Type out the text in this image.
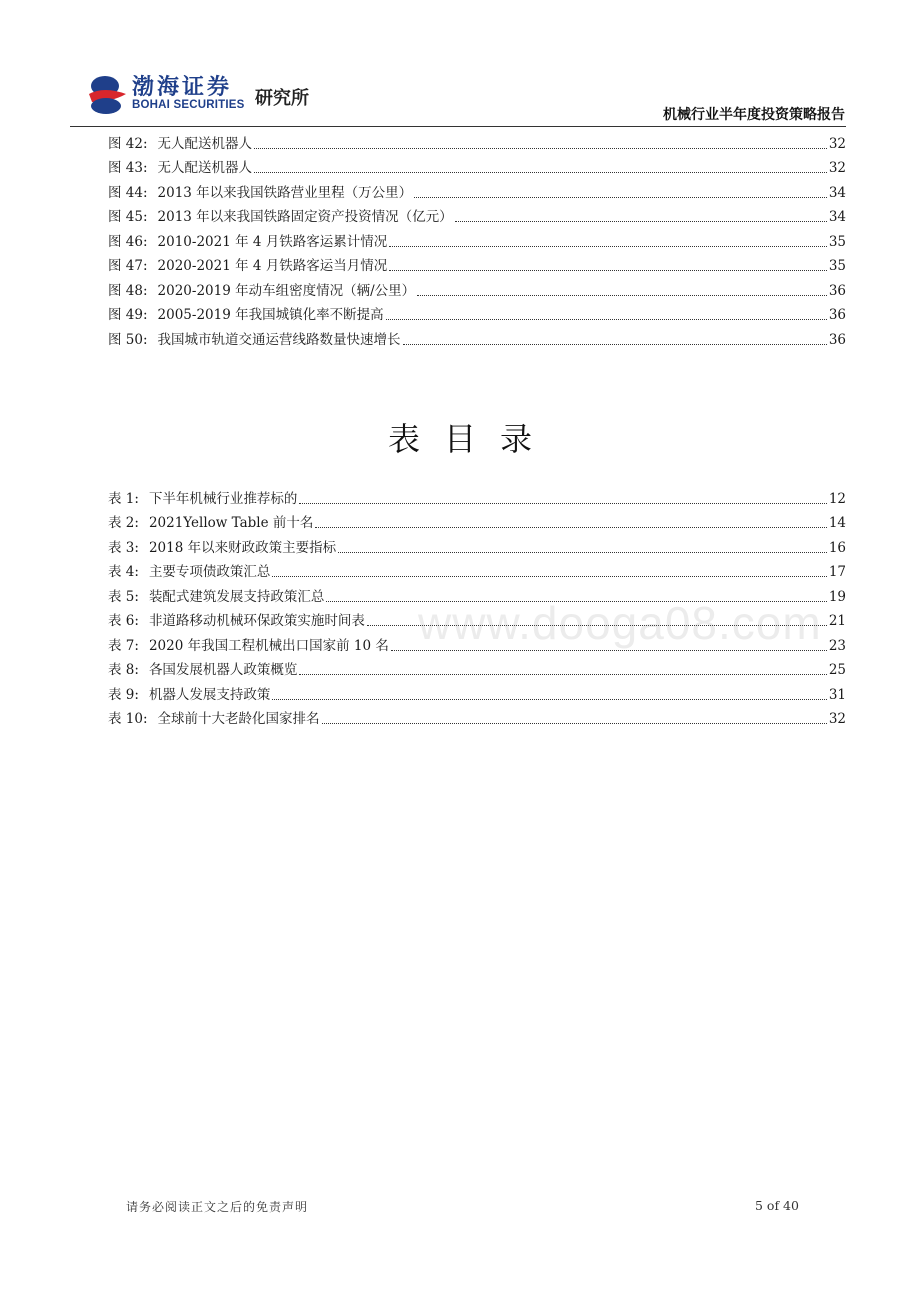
渤海证券
BOHAI SECURITIES 研究所
机械行业半年度投资策略报告
图 42: 无人配送机器人	32
图 43: 无人配送机器人	32
图 44: 2013 年以来我国铁路营业里程（万公里）	34
图 45: 2013 年以来我国铁路固定资产投资情况（亿元）	34
图 46: 2010-2021 年 4 月铁路客运累计情况	35
图 47: 2020-2021 年 4 月铁路客运当月情况	35
图 48: 2020-2019 年动车组密度情况（辆/公里）	36
图 49: 2005-2019 年我国城镇化率不断提高	36
图 50: 我国城市轨道交通运营线路数量快速增长	36
表目录
表 1: 下半年机械行业推荐标的	12
表 2: 2021Yellow Table 前十名	14
表 3: 2018 年以来财政政策主要指标	16
表 4: 主要专项债政策汇总	17
表 5: 装配式建筑发展支持政策汇总	19
表 6: 非道路移动机械环保政策实施时间表	21
表 7: 2020 年我国工程机械出口国家前 10 名	23
表 8: 各国发展机器人政策概览	25
表 9: 机器人发展支持政策	31
表 10: 全球前十大老龄化国家排名	32
www.dooga08.com
请务必阅读正文之后的免责声明	5 of 40
